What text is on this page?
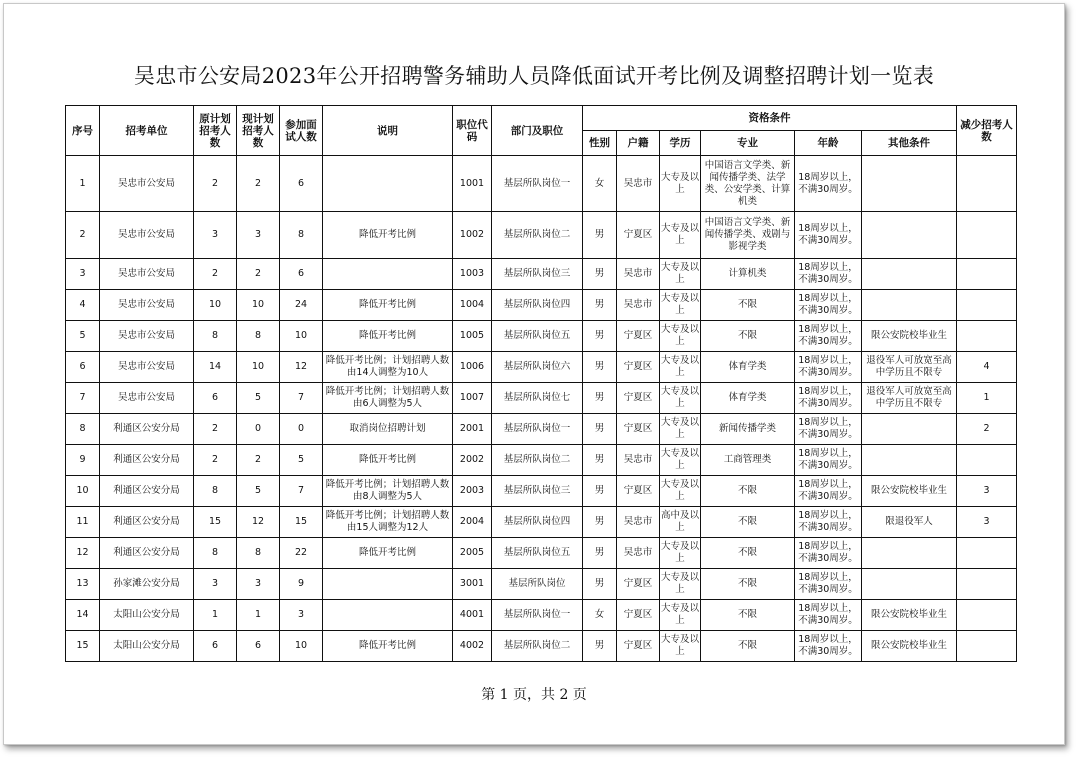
吴忠市公安局2023年公开招聘警务辅助人员降低面试开考比例及调整招聘计划一览表
序号	招考单位	原计划招考人数	现计划招考人数	参加面试人数	说明	职位代码	部门及职位	资格条件						减少招考人数
								性别	户籍	学历	专业	年龄	其他条件	
1	吴忠市公安局	2	2	6		1001	基层所队岗位一	女	吴忠市	大专及以上	中国语言文学类、新闻传播学类、法学类、公安学类、计算机类	18周岁以上，不满30周岁。		
2	吴忠市公安局	3	3	8	降低开考比例	1002	基层所队岗位二	男	宁夏区	大专及以上	中国语言文学类、新闻传播学类、戏剧与影视学类	18周岁以上，不满30周岁。		
3	吴忠市公安局	2	2	6		1003	基层所队岗位三	男	吴忠市	大专及以上	计算机类	18周岁以上，不满30周岁。		
4	吴忠市公安局	10	10	24	降低开考比例	1004	基层所队岗位四	男	吴忠市	大专及以上	不限	18周岁以上，不满30周岁。		
5	吴忠市公安局	8	8	10	降低开考比例	1005	基层所队岗位五	男	宁夏区	大专及以上	不限	18周岁以上，不满30周岁。	限公安院校毕业生	
6	吴忠市公安局	14	10	12	降低开考比例；计划招聘人数由14人调整为10人	1006	基层所队岗位六	男	宁夏区	大专及以上	体育学类	18周岁以上，不满30周岁。	退役军人可放宽至高中学历且不限专	4
7	吴忠市公安局	6	5	7	降低开考比例；计划招聘人数由6人调整为5人	1007	基层所队岗位七	男	宁夏区	大专及以上	体育学类	18周岁以上，不满30周岁。	退役军人可放宽至高中学历且不限专	1
8	利通区公安分局	2	0	0	取消岗位招聘计划	2001	基层所队岗位一	男	宁夏区	大专及以上	新闻传播学类	18周岁以上，不满30周岁。		2
9	利通区公安分局	2	2	5	降低开考比例	2002	基层所队岗位二	男	吴忠市	大专及以上	工商管理类	18周岁以上，不满30周岁。		
10	利通区公安分局	8	5	7	降低开考比例；计划招聘人数由8人调整为5人	2003	基层所队岗位三	男	宁夏区	大专及以上	不限	18周岁以上，不满30周岁。	限公安院校毕业生	3
11	利通区公安分局	15	12	15	降低开考比例；计划招聘人数由15人调整为12人	2004	基层所队岗位四	男	吴忠市	高中及以上	不限	18周岁以上，不满30周岁。	限退役军人	3
12	利通区公安分局	8	8	22	降低开考比例	2005	基层所队岗位五	男	吴忠市	大专及以上	不限	18周岁以上，不满30周岁。		
13	孙家滩公安分局	3	3	9		3001	基层所队岗位	男	宁夏区	大专及以上	不限	18周岁以上，不满30周岁。		
14	太阳山公安分局	1	1	3		4001	基层所队岗位一	女	宁夏区	大专及以上	不限	18周岁以上，不满30周岁。	限公安院校毕业生	
15	太阳山公安分局	6	6	10	降低开考比例	4002	基层所队岗位二	男	宁夏区	大专及以上	不限	18周岁以上，不满30周岁。	限公安院校毕业生	
第 1 页，共 2 页
